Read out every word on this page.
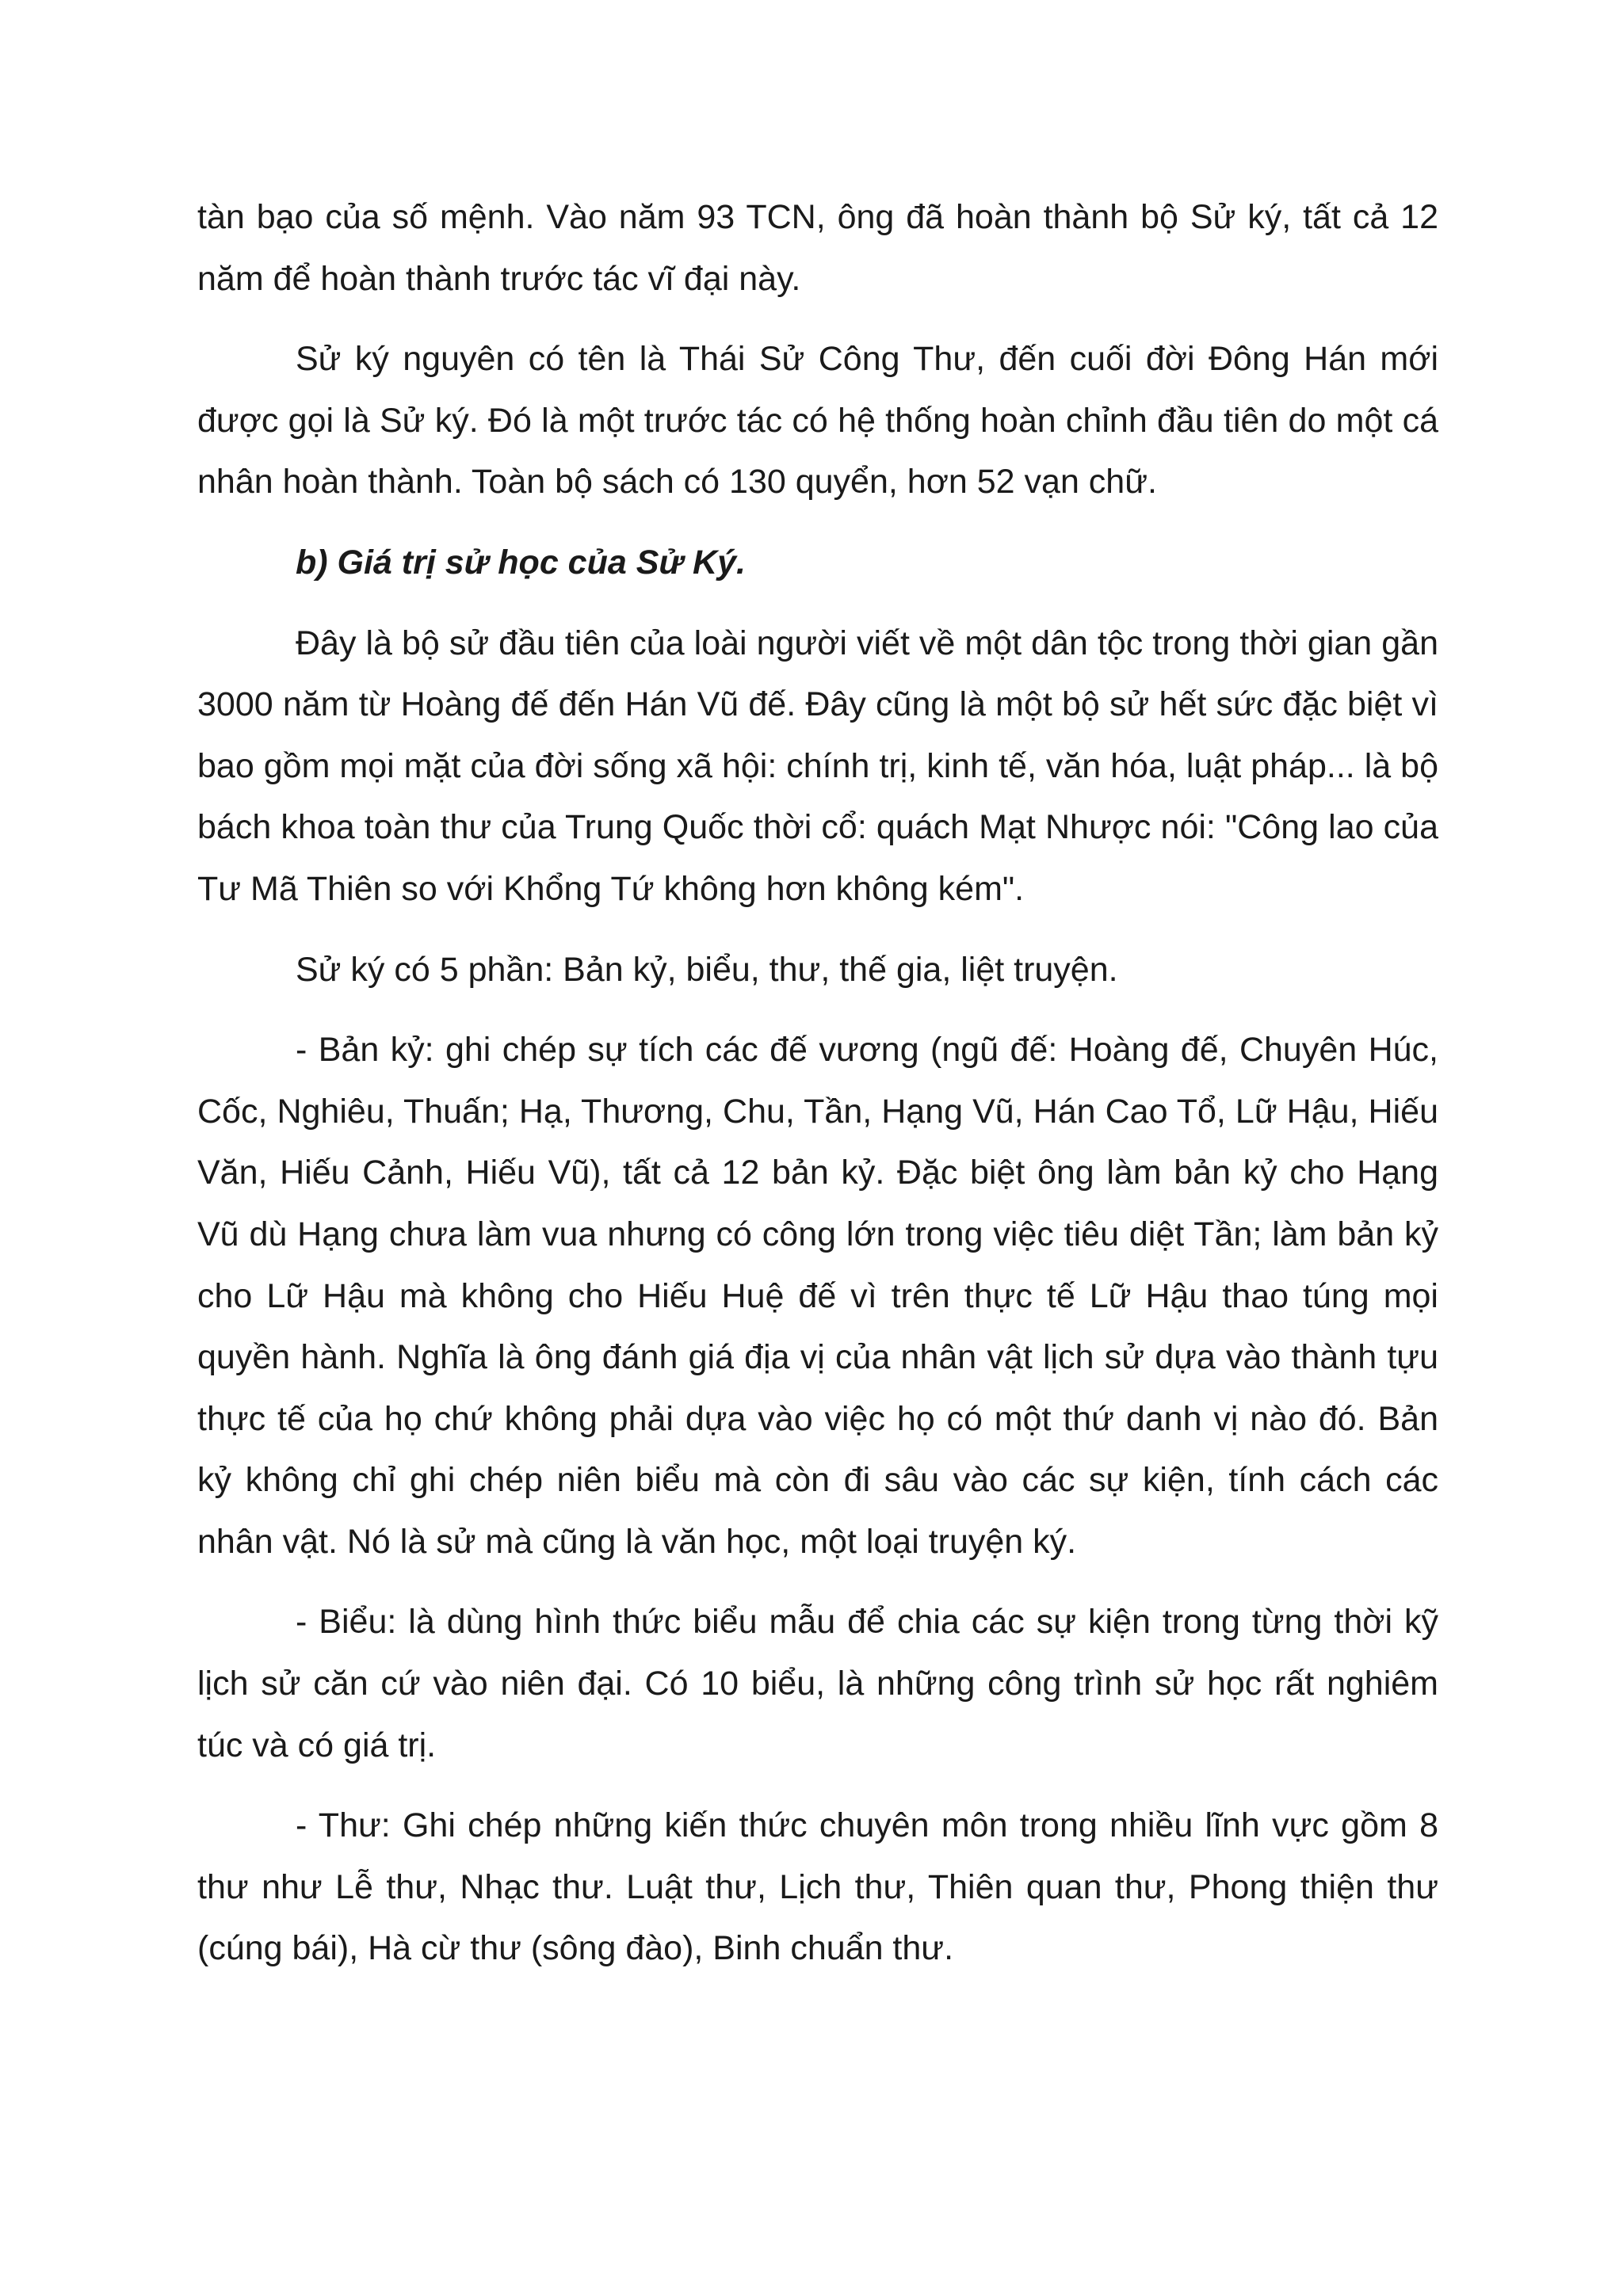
tàn bạo của số mệnh. Vào năm 93 TCN, ông đã hoàn thành bộ Sử ký, tất cả 12 năm để hoàn thành trước tác vĩ đại này.

Sử ký nguyên có tên là Thái Sử Công Thư, đến cuối đời Đông Hán mới được gọi là Sử ký. Đó là một trước tác có hệ thống hoàn chỉnh đầu tiên do một cá nhân hoàn thành. Toàn bộ sách có 130 quyển, hơn 52 vạn chữ.

b) Giá trị sử học của Sử Ký.

Đây là bộ sử đầu tiên của loài người viết về một dân tộc trong thời gian gần 3000 năm từ Hoàng đế đến Hán Vũ đế. Đây cũng là một bộ sử hết sức đặc biệt vì bao gồm mọi mặt của đời sống xã hội: chính trị, kinh tế, văn hóa, luật pháp... là bộ bách khoa toàn thư của Trung Quốc thời cổ: quách Mạt Nhược nói: "Công lao của Tư Mã Thiên so với Khổng Tứ không hơn không kém".

Sử ký có 5 phần: Bản kỷ, biểu, thư, thế gia, liệt truyện.

- Bản kỷ: ghi chép sự tích các đế vương (ngũ đế: Hoàng đế, Chuyên Húc, Cốc, Nghiêu, Thuấn; Hạ, Thương, Chu, Tần, Hạng Vũ, Hán Cao Tổ, Lữ Hậu, Hiếu Văn, Hiếu Cảnh, Hiếu Vũ), tất cả 12 bản kỷ. Đặc biệt ông làm bản kỷ cho Hạng Vũ dù Hạng chưa làm vua nhưng có công lớn trong việc tiêu diệt Tần; làm bản kỷ cho Lữ Hậu mà không cho Hiếu Huệ đế vì trên thực tế Lữ Hậu thao túng mọi quyền hành. Nghĩa là ông đánh giá địa vị của nhân vật lịch sử dựa vào thành tựu thực tế của họ chứ không phải dựa vào việc họ có một thứ danh vị nào đó. Bản kỷ không chỉ ghi chép niên biểu mà còn đi sâu vào các sự kiện, tính cách các nhân vật. Nó là sử mà cũng là văn học, một loại truyện ký.

- Biểu: là dùng hình thức biểu mẫu để chia các sự kiện trong từng thời kỹ lịch sử căn cứ vào niên đại. Có 10 biểu, là những công trình sử học rất nghiêm túc và có giá trị.

- Thư: Ghi chép những kiến thức chuyên môn trong nhiều lĩnh vực gồm 8 thư như Lễ thư, Nhạc thư. Luật thư, Lịch thư, Thiên quan thư, Phong thiện thư (cúng bái), Hà cừ thư (sông đào), Binh chuẩn thư.
